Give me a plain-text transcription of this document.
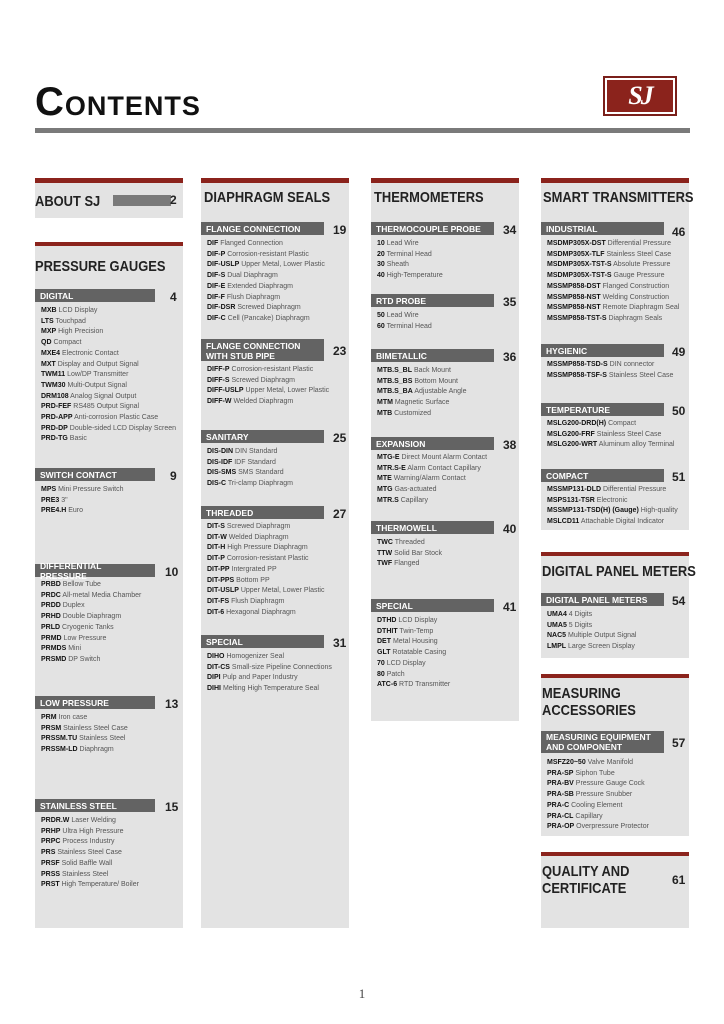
CONTENTS	SJ
ABOUT SJ	2
PRESSURE GAUGES
DIGITAL	4
MXB LCD Display
LTS Touchpad
MXP High Precision
QD Compact
MXE4 Electronic Contact
MXT Display and Output Signal
TWM11 Low/DP Transmitter
TWM30 Multi-Output Signal
DRM108 Analog Signal Output
PRD-FEF RS485 Output Signal
PRD-APP Anti-corrosion Plastic Case
PRD-DP Double-sided LCD Display Screen
PRD-TG Basic
SWITCH CONTACT	9
MPS Mini Pressure Switch
PRE3 3"
PRE4.H Euro
DIFFERENTIAL PRESSURE	10
PRBD Bellow Tube
PRDC All-metal Media Chamber
PRDD Duplex
PRHD Double Diaphragm
PRLD Cryogenic Tanks
PRMD Low Pressure
PRMDS Mini
PRSMD DP Switch
LOW PRESSURE	13
PRM Iron case
PRSM Stainless Steel Case
PRSSM.TU Stainless Steel
PRSSM-LD Diaphragm
STAINLESS STEEL	15
PRDR.W Laser Welding
PRHP Ultra High Pressure
PRPC Process Industry
PRS Stainless Steel Case
PRSF Solid Baffle Wall
PRSS Stainless Steel
PRST High Temperature/ Boiler
DIAPHRAGM SEALS
FLANGE CONNECTION	19
DIF Flanged Connection
DIF-P Corrosion-resistant Plastic
DIF-USLP Upper Metal, Lower Plastic
DIF-S Dual Diaphragm
DIF-E Extended Diaphragm
DIF-F Flush Diaphragm
DIF-DSR Screwed Diaphragm
DIF-C Cell (Pancake) Diaphragm
FLANGE CONNECTION WITH STUB PIPE	23
DIFF-P Corrosion-resistant Plastic
DIFF-S Screwed Diaphragm
DIFF-USLP Upper Metal, Lower Plastic
DIFF-W Welded Diaphragm
SANITARY	25
DIS-DIN DIN Standard
DIS-IDF IDF Standard
DIS-SMS SMS Standard
DIS-C Tri-clamp Diaphragm
THREADED	27
DIT-S Screwed Diaphragm
DIT-W Welded Diaphragm
DIT-H High Pressure Diaphragm
DIT-P Corrosion-resistant Plastic
DIT-PP Intergrated PP
DIT-PPS Bottom PP
DIT-USLP Upper Metal, Lower Plastic
DIT-FS Flush Diaphragm
DIT-6 Hexagonal Diaphragm
SPECIAL	31
DIHO Homogenizer Seal
DIT-CS Small-size Pipeline Connections
DIPI Pulp and Paper Industry
DIHI Melting High Temperature Seal
THERMOMETERS
THERMOCOUPLE PROBE 34
10 Lead Wire
20 Terminal Head
30 Sheath
40 High-Temperature
RTD PROBE	35
50 Lead Wire
60 Terminal Head
BIMETALLIC	36
MTB.S_BL Back Mount
MTB.S_BS Bottom Mount
MTB.S_BA Adjustable Angle
MTM Magnetic Surface
MTB Customized
EXPANSION	38
MTG-E Direct Mount Alarm Contact
MTR.S-E Alarm Contact Capillary
MTE Warning/Alarm Contact
MTG Gas-actuated
MTR.S Capillary
THERMOWELL	40
TWC Threaded
TTW Solid Bar Stock
TWF Flanged
SPECIAL	41
DTHD LCD Display
DTHIT Twin-Temp
DET Metal Housing
GLT Rotatable Casing
70 LCD Display
80 Patch
ATC-6 RTD Transmitter
SMART TRANSMITTERS
INDUSTRIAL	46
MSDMP305X-DST Differential Pressure
MSDMP305X-TLF Stainless Steel Case
MSDMP305X-TST-S Absolute Pressure
MSDMP305X-TST-S Gauge Pressure
MSSMP858-DST Flanged Construction
MSSMP858-NST Welding Construction
MSSMP858-NST Remote Diaphragm Seal
MSSMP858-TST-S Diaphragm Seals
HYGIENIC	49
MSSMP858-TSD-S DIN connector
MSSMP858-TSF-S Stainless Steel Case
TEMPERATURE	50
MSLG200-DRD(H) Compact
MSLG200-FRF Stainless Steel Case
MSLG200-WRT Aluminum alloy Terminal
COMPACT	51
MSSMP131-DLD Differential Pressure
MSPS131-TSR Electronic
MSSMP131-TSD(H) (Gauge) High-quality
MSLCD11 Attachable Digital Indicator
DIGITAL PANEL METERS
DIGITAL PANEL METERS 54
UMA4 4 Digits
UMA5 5 Digits
NAC5 Multiple Output Signal
LMPL Large Screen Display
MEASURING
ACCESSORIES
MEASURING EQUIPMENT
AND COMPONENT	57
MSFZ20~50 Valve Manifold
PRA-SP Siphon Tube
PRA-BV Pressure Gauge Cock
PRA-SB Pressure Snubber
PRA-C Cooling Element
PRA-CL Capillary
PRA-OP Overpressure Protector
QUALITY AND
CERTIFICATE	61
1
